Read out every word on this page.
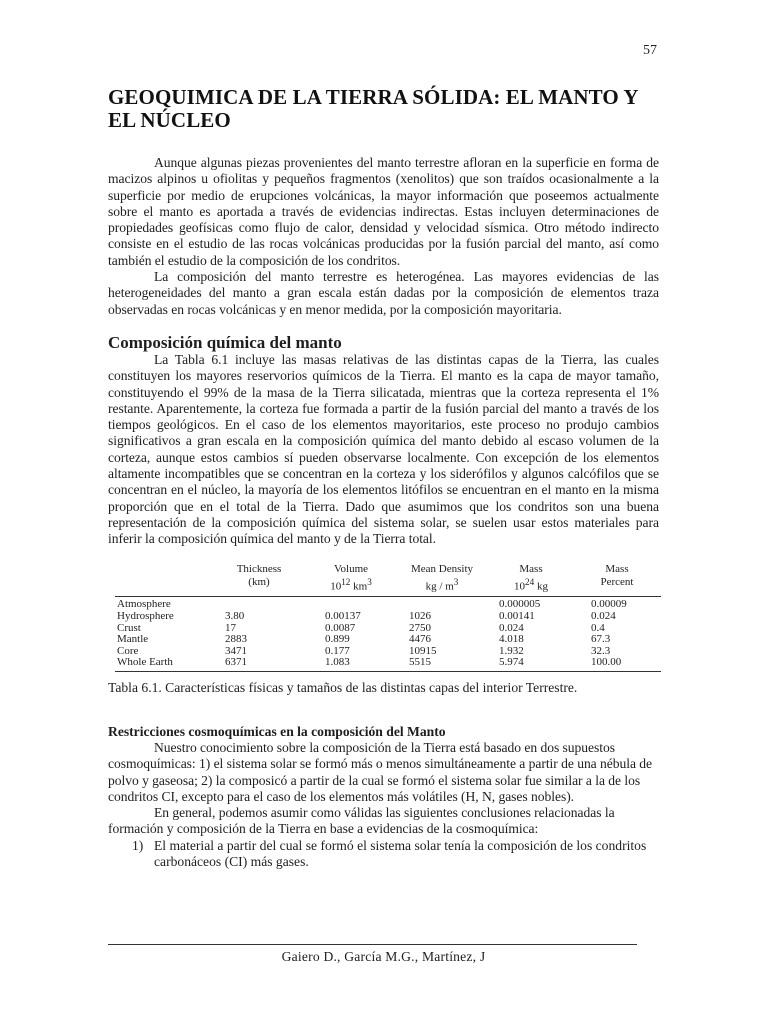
57
GEOQUIMICA DE LA TIERRA SÓLIDA: EL MANTO Y
EL NÚCLEO

Aunque algunas piezas provenientes del manto terrestre afloran en la superficie en forma de macizos alpinos u ofiolitas y pequeños fragmentos (xenolitos) que son traídos ocasionalmente a la superficie por medio de erupciones volcánicas, la mayor información que poseemos actualmente sobre el manto es aportada a través de evidencias indirectas. Estas incluyen determinaciones de propiedades geofísicas como flujo de calor, densidad y velocidad sísmica. Otro método indirecto consiste en el estudio de las rocas volcánicas producidas por la fusión parcial del manto, así como también el estudio de la composición de los condritos.

La composición del manto terrestre es heterogénea. Las mayores evidencias de las heterogeneidades del manto a gran escala están dadas por la composición de elementos traza observadas en rocas volcánicas y en menor medida, por la composición mayoritaria.

Composición química del manto

La Tabla 6.1 incluye las masas relativas de las distintas capas de la Tierra, las cuales constituyen los mayores reservorios químicos de la Tierra. El manto es la capa de mayor tamaño, constituyendo el 99% de la masa de la Tierra silicatada, mientras que la corteza representa el 1% restante. Aparentemente, la corteza fue formada a partir de la fusión parcial del manto a través de los tiempos geológicos. En el caso de los elementos mayoritarios, este proceso no produjo cambios significativos a gran escala en la composición química del manto debido al escaso volumen de la corteza, aunque estos cambios sí pueden observarse localmente. Con excepción de los elementos altamente incompatibles que se concentran en la corteza y los siderófilos y algunos calcófilos que se concentran en el núcleo, la mayoría de los elementos litófilos se encuentran en el manto en la misma proporción que en el total de la Tierra. Dado que asumimos que los condritos son una buena representación de la composición química del sistema solar, se suelen usar estos materiales para inferir la composición química del manto y de la Tierra total.

	Thickness	Volume	Mean Density	Mass	Mass
	(km)	$10^{12}$ $km^3$	kg / $m^3$	$10^{24}$ kg	Percent
Atmosphere				0.000005	0.00009
Hydrosphere	3.80	0.00137	1026	0.00141	0.024
Crust	17	0.0087	2750	0.024	0.4
Mantle	2883	0.899	4476	4.018	67.3
Core	3471	0.177	10915	1.932	32.3
Whole Earth	6371	1.083	5515	5.974	100.00

Tabla 6.1. Características físicas y tamaños de las distintas capas del interior Terrestre.

Restricciones cosmoquímicas en la composición del Manto

Nuestro conocimiento sobre la composición de la Tierra está basado en dos supuestos cosmoquímicas: 1) el sistema solar se formó más o menos simultáneamente a partir de una nébula de polvo y gaseosa; 2) la composicó a partir de la cual se formó el sistema solar fue similar a la de los condritos CI, excepto para el caso de los elementos más volátiles (H, N, gases nobles).

En general, podemos asumir como válidas las siguientes conclusiones relacionadas la formación y composición de la Tierra en base a evidencias de la cosmoquímica:

1) El material a partir del cual se formó el sistema solar tenía la composición de los condritos carbonáceos (CI) más gases.
Gaiero D., García M.G., Martínez, J
